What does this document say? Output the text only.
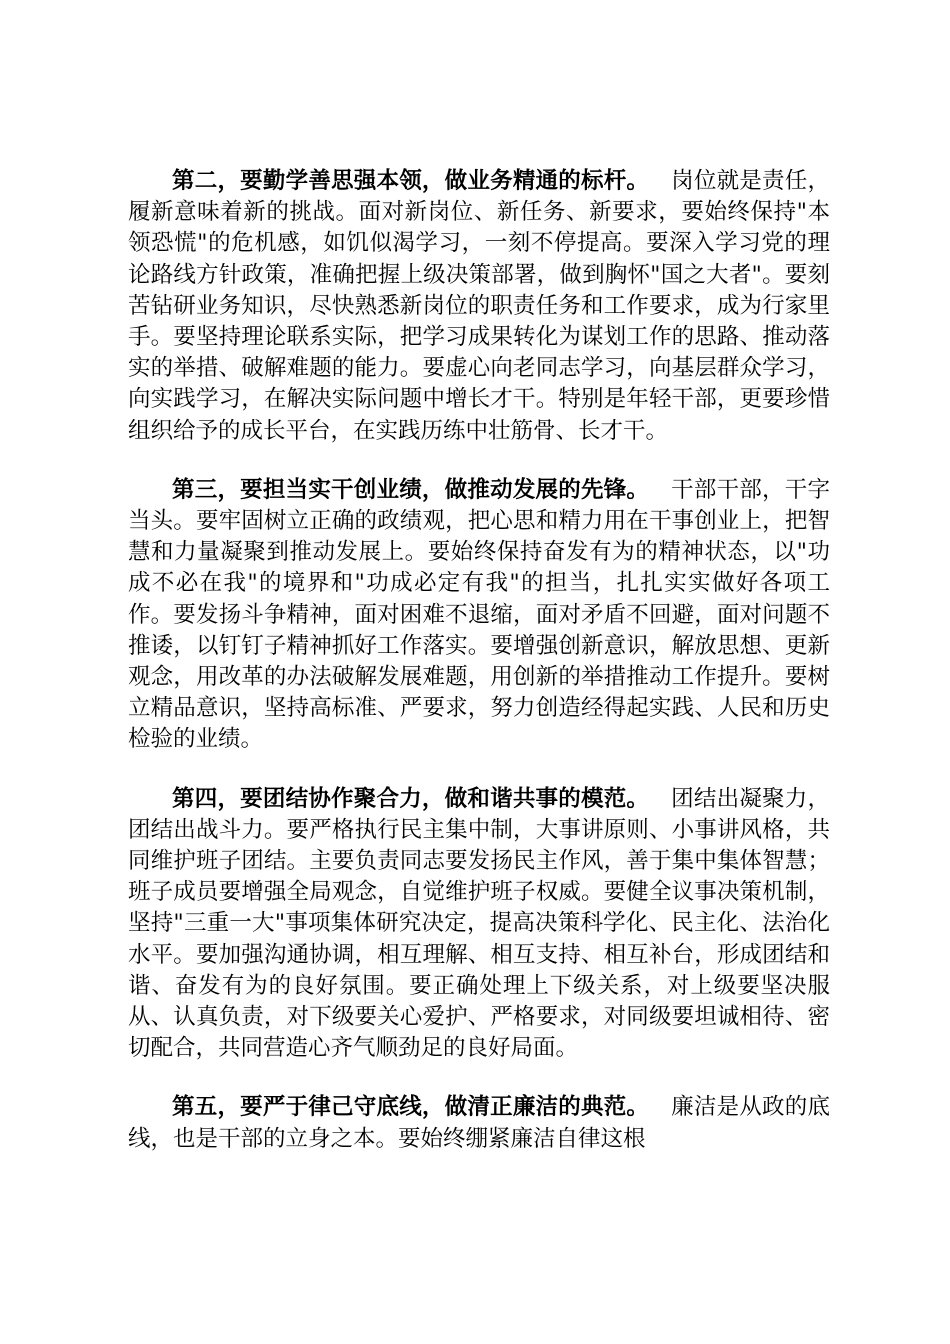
第二，要勤学善思强本领，做业务精通的标杆。 岗位就是责任，履新意味着新的挑战。面对新岗位、新任务、新要求，要始终保持"本领恐慌"的危机感，如饥似渴学习，一刻不停提高。要深入学习党的理论路线方针政策，准确把握上级决策部署，做到胸怀"国之大者"。要刻苦钻研业务知识，尽快熟悉新岗位的职责任务和工作要求，成为行家里手。要坚持理论联系实际，把学习成果转化为谋划工作的思路、推动落实的举措、破解难题的能力。要虚心向老同志学习，向基层群众学习，向实践学习，在解决实际问题中增长才干。特别是年轻干部，更要珍惜组织给予的成长平台，在实践历练中壮筋骨、长才干。

第三，要担当实干创业绩，做推动发展的先锋。 干部干部，干字当头。要牢固树立正确的政绩观，把心思和精力用在干事创业上，把智慧和力量凝聚到推动发展上。要始终保持奋发有为的精神状态，以"功成不必在我"的境界和"功成必定有我"的担当，扎扎实实做好各项工作。要发扬斗争精神，面对困难不退缩，面对矛盾不回避，面对问题不推诿，以钉钉子精神抓好工作落实。要增强创新意识，解放思想、更新观念，用改革的办法破解发展难题，用创新的举措推动工作提升。要树立精品意识，坚持高标准、严要求，努力创造经得起实践、人民和历史检验的业绩。

第四，要团结协作聚合力，做和谐共事的模范。 团结出凝聚力，团结出战斗力。要严格执行民主集中制，大事讲原则、小事讲风格，共同维护班子团结。主要负责同志要发扬民主作风，善于集中集体智慧；班子成员要增强全局观念，自觉维护班子权威。要健全议事决策机制，坚持"三重一大"事项集体研究决定，提高决策科学化、民主化、法治化水平。要加强沟通协调，相互理解、相互支持、相互补台，形成团结和谐、奋发有为的良好氛围。要正确处理上下级关系，对上级要坚决服从、认真负责，对下级要关心爱护、严格要求，对同级要坦诚相待、密切配合，共同营造心齐气顺劲足的良好局面。

第五，要严于律己守底线，做清正廉洁的典范。 廉洁是从政的底线，也是干部的立身之本。要始终绷紧廉洁自律这根
